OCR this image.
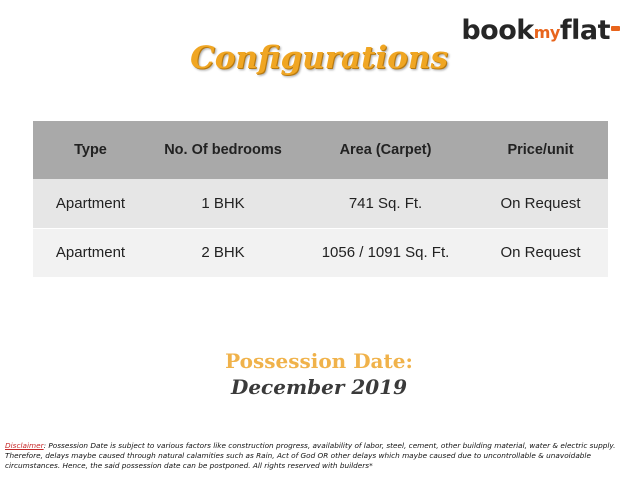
bookmyflat
Configurations
Type	No. Of bedrooms	Area (Carpet)	Price/unit
Apartment	1 BHK	741 Sq. Ft.	On Request
Apartment	2 BHK	1056 / 1091 Sq. Ft.	On Request
Possession Date:
December 2019

Disclaimer: Possession Date is subject to various factors like construction progress, availability of labor, steel, cement, other building material, water & electric supply. Therefore, delays maybe caused through natural calamities such as Rain, Act of God OR other delays which maybe caused due to uncontrollable & unavoidable circumstances. Hence, the said possession date can be postponed. All rights reserved with builders*
